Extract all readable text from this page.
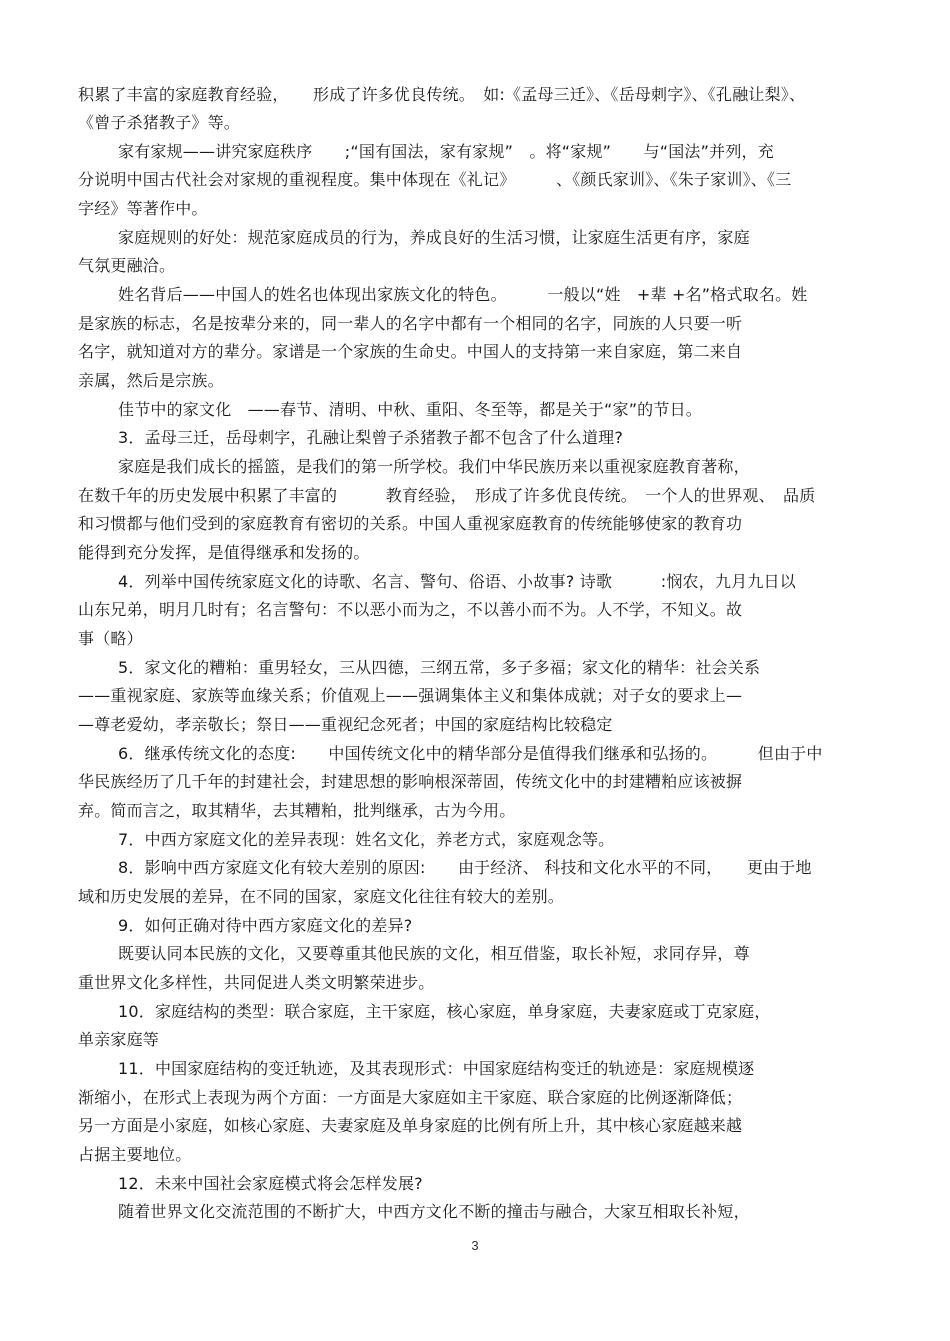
积累了丰富的家庭教育经验，　　形成了许多优良传统。　如:《孟母三迁》、《岳母刺字》、《孔融让梨》、
《曾子杀猪教子》等。
家有家规——讲究家庭秩序　　;“国有国法，家有家规”　。将“家规”　　与“国法”并列，充
分说明中国古代社会对家规的重视程度。集中体现在《礼记》　　　、《颜氏家训》、《朱子家训》、《三
字经》等著作中。
家庭规则的好处：规范家庭成员的行为，养成良好的生活习惯，让家庭生活更有序，家庭
气氛更融洽。
姓名背后——中国人的姓名也体现出家族文化的特色。　　　一般以“姓　+辈 +名”格式取名。姓
是家族的标志，名是按辈分来的，同一辈人的名字中都有一个相同的名字，同族的人只要一听
名字，就知道对方的辈分。家谱是一个家族的生命史。中国人的支持第一来自家庭，第二来自
亲属，然后是宗族。
佳节中的家文化　——春节、清明、中秋、重阳、冬至等，都是关于“家”的节日。
3．孟母三迁，岳母刺字，孔融让梨曾子杀猪教子都不包含了什么道理?
家庭是我们成长的摇篮，是我们的第一所学校。我们中华民族历来以重视家庭教育著称，
在数千年的历史发展中积累了丰富的　　　教育经验，　形成了许多优良传统。　一个人的世界观、　品质
和习惯都与他们受到的家庭教育有密切的关系。中国人重视家庭教育的传统能够使家的教育功
能得到充分发挥，是值得继承和发扬的。
4．列举中国传统家庭文化的诗歌、名言、警句、俗语、小故事? 诗歌　　　:悯农，九月九日以
山东兄弟，明月几时有；名言警句：不以恶小而为之，不以善小而不为。人不学，不知义。故
事（略）
5．家文化的糟粕：重男轻女，三从四德，三纲五常，多子多福；家文化的精华：社会关系
——重视家庭、家族等血缘关系；价值观上——强调集体主义和集体成就；对子女的要求上—
—尊老爱幼，孝亲敬长；祭日——重视纪念死者；中国的家庭结构比较稳定
6．继承传统文化的态度:　　中国传统文化中的精华部分是值得我们继承和弘扬的。　　　但由于中
华民族经历了几千年的封建社会，封建思想的影响根深蒂固，传统文化中的封建糟粕应该被摒
弃。简而言之，取其精华，去其糟粕，批判继承，古为今用。
7．中西方家庭文化的差异表现：姓名文化，养老方式，家庭观念等。
8．影响中西方家庭文化有较大差别的原因:　　由于经济、 科技和文化水平的不同，　　更由于地
域和历史发展的差异，在不同的国家，家庭文化往往有较大的差别。
9．如何正确对待中西方家庭文化的差异?
既要认同本民族的文化，又要尊重其他民族的文化，相互借鉴，取长补短，求同存异，尊
重世界文化多样性，共同促进人类文明繁荣进步。
10．家庭结构的类型：联合家庭，主干家庭，核心家庭，单身家庭，夫妻家庭或丁克家庭，
单亲家庭等
11．中国家庭结构的变迁轨迹，及其表现形式：中国家庭结构变迁的轨迹是：家庭规模逐
渐缩小，在形式上表现为两个方面：一方面是大家庭如主干家庭、联合家庭的比例逐渐降低；
另一方面是小家庭，如核心家庭、夫妻家庭及单身家庭的比例有所上升，其中核心家庭越来越
占据主要地位。
12．未来中国社会家庭模式将会怎样发展?
随着世界文化交流范围的不断扩大，中西方文化不断的撞击与融合，大家互相取长补短，
3
